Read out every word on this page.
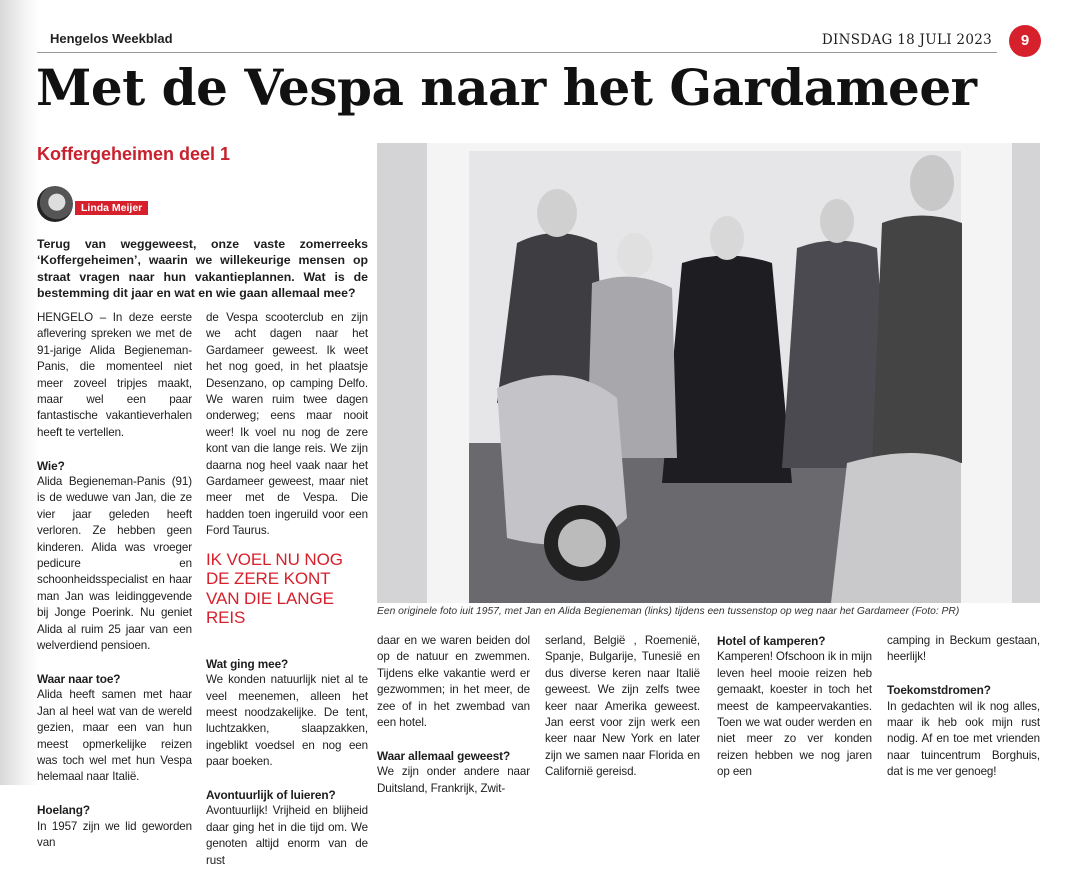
Hengelos Weekblad	DINSDAG 18 JULI 2023	9
Met de Vespa naar het Gardameer
Koffergeheimen deel 1
Linda Meijer

Terug van weggeweest, onze vaste zomerreeks ‘Koffergeheimen’, waarin we willekeurige mensen op straat vragen naar hun vakantieplannen. Wat is de bestemming dit jaar en wat en wie gaan allemaal mee?

HENGELO – In deze eerste aflevering spreken we met de 91-jarige Alida Begieneman-Panis, die momenteel niet meer zoveel tripjes maakt, maar wel een paar fantastische vakantieverhalen heeft te vertellen.

Wie?

Alida Begieneman-Panis (91) is de weduwe van Jan, die ze vier jaar geleden heeft verloren. Ze hebben geen kinderen. Alida was vroeger pedicure en schoonheidsspecialist en haar man Jan was leidinggevende bij Jonge Poerink. Nu geniet Alida al ruim 25 jaar van een welverdiend pensioen.

Waar naar toe?

Alida heeft samen met haar Jan al heel wat van de wereld gezien, maar een van hun meest opmerkelijke reizen was toch wel met hun Vespa helemaal naar Italië.

Hoelang?

In 1957 zijn we lid geworden van

de Vespa scooterclub en zijn we acht dagen naar het Gardameer geweest. Ik weet het nog goed, in het plaatsje Desenzano, op camping Delfo. We waren ruim twee dagen onderweg; eens maar nooit weer! Ik voel nu nog de zere kont van die lange reis. We zijn daarna nog heel vaak naar het Gardameer geweest, maar niet meer met de Vespa. Die hadden toen ingeruild voor een Ford Taurus.

IK VOEL NU NOG DE ZERE KONT VAN DIE LANGE REIS
Wat ging mee?

We konden natuurlijk niet al te veel meenemen, alleen het meest noodzakelijke. De tent, luchtzakken, slaapzakken, ingeblikt voedsel en nog een paar boeken.

Avontuurlijk of luieren?

Avontuurlijk! Vrijheid en blijheid daar ging het in die tijd om. We genoten altijd enorm van de rust

Een originele foto iuit 1957, met Jan en Alida Begieneman (links) tijdens een tussenstop op weg naar het Gardameer (Foto: PR)

daar en we waren beiden dol op de natuur en zwemmen. Tijdens elke vakantie werd er gezwommen; in het meer, de zee of in het zwembad van een hotel.

Waar allemaal geweest?

We zijn onder andere naar Duitsland, Frankrijk, Zwit-

serland, België , Roemenië, Spanje, Bulgarije, Tunesië en dus diverse keren naar Italië geweest. We zijn zelfs twee keer naar Amerika geweest. Jan eerst voor zijn werk een keer naar New York en later zijn we samen naar Florida en Californië gereisd.

Hotel of kamperen?

Kamperen! Ofschoon ik in mijn leven heel mooie reizen heb gemaakt, koester in toch het meest de kampeervakanties. Toen we wat ouder werden en niet meer zo ver konden reizen hebben we nog jaren op een

camping in Beckum gestaan, heerlijk!

Toekomstdromen?

In gedachten wil ik nog alles, maar ik heb ook mijn rust nodig. Af en toe met vrienden naar tuincentrum Borghuis, dat is me ver genoeg!
